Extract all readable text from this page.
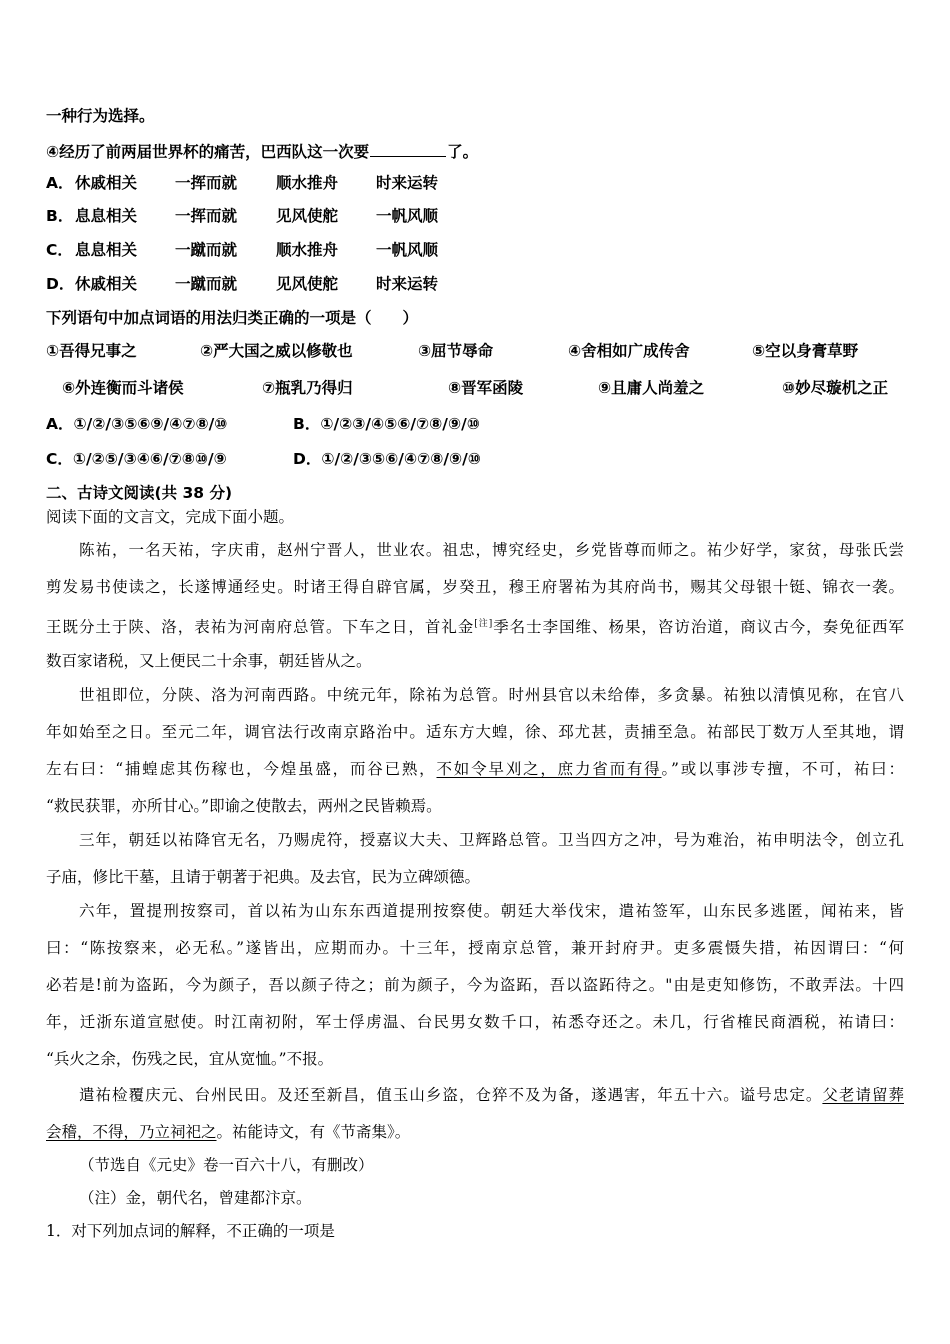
一种行为选择。
④经历了前两届世界杯的痛苦，巴西队这一次要	了。
A． 休戚相关 一挥而就	顺水推舟 时来运转
B． 息息相关 一挥而就	见风使舵 一帆风顺
C． 息息相关 一蹴而就	顺水推舟 一帆风顺
D． 休戚相关 一蹴而就	见风使舵 时来运转
下列语句中加点词语的用法归类正确的一项是（　　）
①吾得兄事之	②严大国之威以修敬也	③屈节辱命	④舍相如广成传舍	⑤空以身膏草野
⑥外连衡而斗诸侯	⑦瓶乳乃得归	⑧晋军函陵	⑨且庸人尚羞之	⑩妙尽璇机之正
A．①/②/③⑤⑥⑨/④⑦⑧/⑩	B．①/②③/④⑤⑥/⑦⑧/⑨/⑩
C．①/②⑤/③④⑥/⑦⑧⑩/⑨	D．①/②/③⑤⑥/④⑦⑧/⑨/⑩
二、古诗文阅读(共 38 分)
阅读下面的文言文，完成下面小题。
陈祐，一名天祐，字庆甫，赵州宁晋人，世业农。祖忠，博究经史，乡党皆尊而师之。祐少好学，家贫，母张氏尝
剪发易书使读之，长遂博通经史。时诸王得自辟官属，岁癸丑，穆王府署祐为其府尚书，赐其父母银十铤、锦衣一袭。
王既分土于陕、洛，表祐为河南府总管。下车之日，首礼金[注]季名士李国维、杨果，咨访治道，商议古今，奏免征西军
数百家诸税，又上便民二十余事，朝廷皆从之。
世祖即位，分陕、洛为河南西路。中统元年，除祐为总管。时州县官以未给俸，多贪暴。祐独以清慎见称，在官八
年如始至之日。至元二年，调官法行改南京路治中。适东方大蝗，徐、邳尤甚，责捕至急。祐部民丁数万人至其地，谓
左右曰：“捕蝗虑其伤稼也，今煌虽盛，而谷已熟，不如令早刈之，庶力省而有得。”或以事涉专擅，不可，祐曰：
“救民获罪，亦所甘心。”即谕之使散去，两州之民皆赖焉。
三年，朝廷以祐降官无名，乃赐虎符，授嘉议大夫、卫辉路总管。卫当四方之冲，号为难治，祐申明法令，创立孔
子庙，修比干墓，且请于朝著于祀典。及去官，民为立碑颂德。
六年，置提刑按察司，首以祐为山东东西道提刑按察使。朝廷大举伐宋，遣祐签军，山东民多逃匿，闻祐来，皆
曰：“陈按察来，必无私。”遂皆出，应期而办。十三年，授南京总管，兼开封府尹。吏多震慑失措，祐因谓曰：“何
必若是!前为盗跖，今为颜子，吾以颜子待之；前为颜子，今为盗跖，吾以盗跖待之。"由是吏知修饬，不敢弄法。十四
年，迁浙东道宣慰使。时江南初附，军士俘虏温、台民男女数千口，祐悉夺还之。未几，行省榷民商酒税，祐请曰：
“兵火之余，伤残之民，宜从宽恤。”不报。
遣祐检覆庆元、台州民田。及还至新昌，值玉山乡盗，仓猝不及为备，遂遇害，年五十六。谥号忠定。父老请留葬
会稽，不得，乃立祠祀之。祐能诗文，有《节斋集》。
（节选自《元史》卷一百六十八，有删改）
（注）金，朝代名，曾建都汴京。
1．对下列加点词的解释，不正确的一项是
